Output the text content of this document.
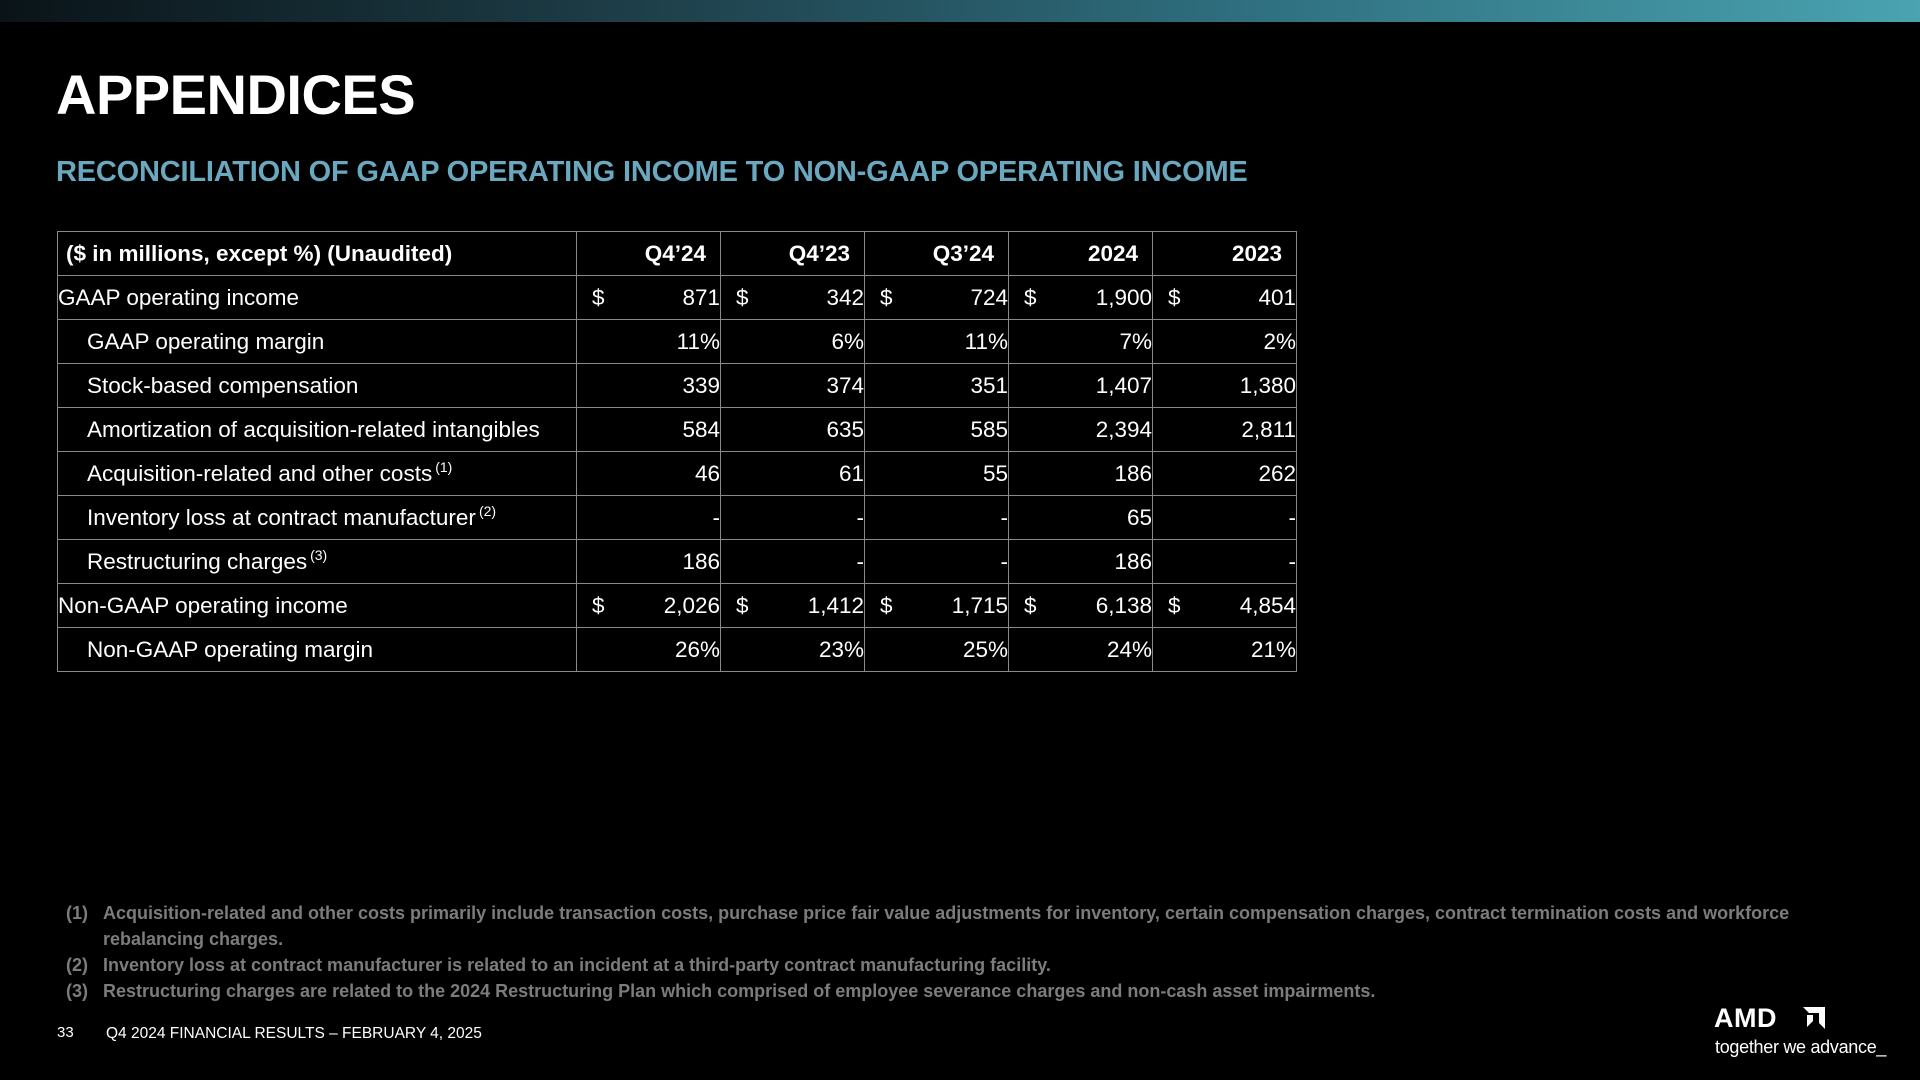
APPENDICES
RECONCILIATION OF GAAP OPERATING INCOME TO NON-GAAP OPERATING INCOME
($ in millions, except %) (Unaudited)	Q4’24	Q4’23	Q3’24	2024	2023
GAAP operating income	$ 871	$ 342	$ 724	$ 1,900	$ 401
GAAP operating margin	11%	6%	11%	7%	2%
Stock-based compensation	339	374	351	1,407	1,380
Amortization of acquisition-related intangibles	584	635	585	2,394	2,811
Acquisition-related and other costs $^{(1)}$	46	61	55	186	262
Inventory loss at contract manufacturer $^{(2)}$	-	-	-	65	-
Restructuring charges $^{(3)}$	186	-	-	186	-
Non-GAAP operating income	$ 2,026	$ 1,412	$ 1,715	$ 6,138	$ 4,854
Non-GAAP operating margin	26%	23%	25%	24%	21%
(1) Acquisition-related and other costs primarily include transaction costs, purchase price fair value adjustments for inventory, certain compensation charges, contract termination costs and workforce rebalancing charges.
(2) Inventory loss at contract manufacturer is related to an incident at a third-party contract manufacturing facility.
(3) Restructuring charges are related to the 2024 Restructuring Plan which comprised of employee severance charges and non-cash asset impairments.
33 Q4 2024 FINANCIAL RESULTS – FEBRUARY 4, 2025
AMD
together we advance_
